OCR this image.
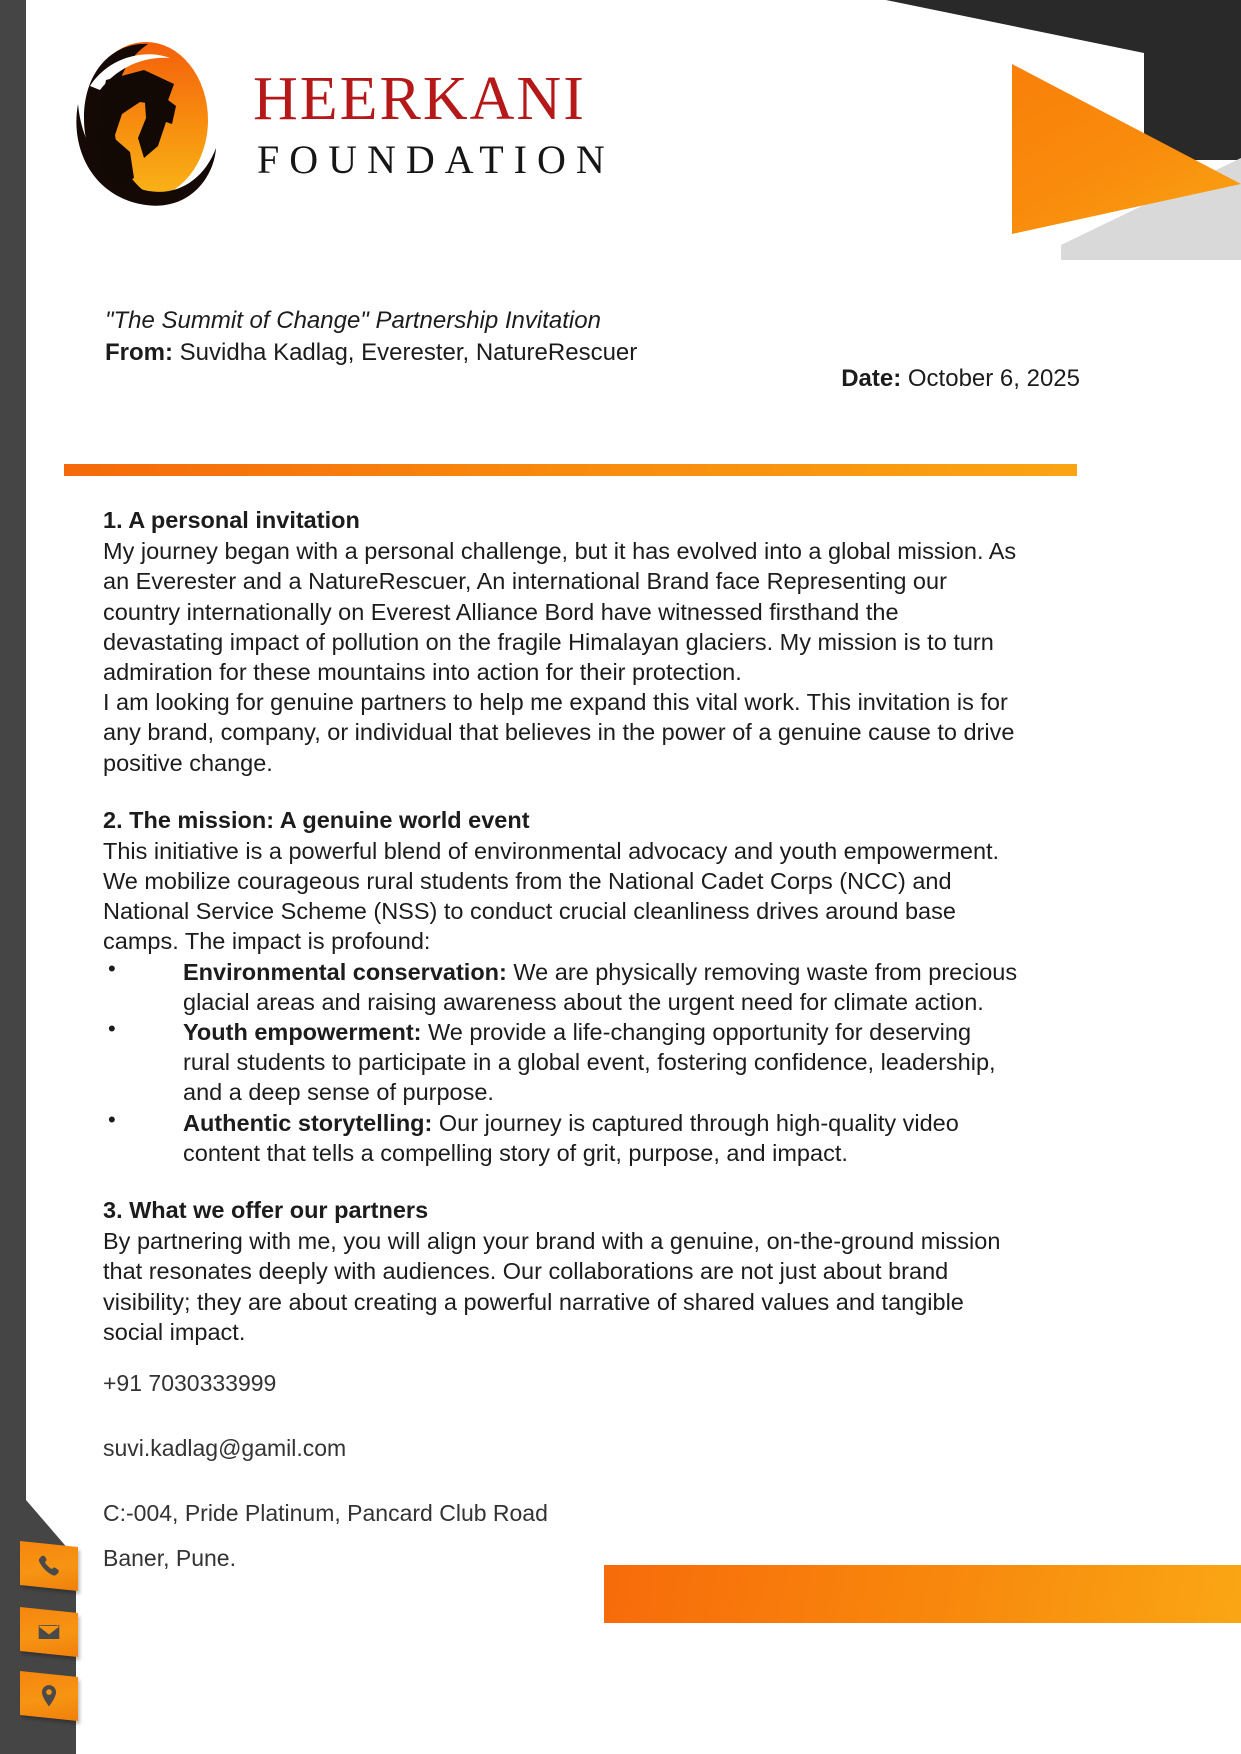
HEERKANI
FOUNDATION
"The Summit of Change" Partnership Invitation
From: Suvidha Kadlag, Everester, NatureRescuer
Date: October 6, 2025

1. A personal invitation

My journey began with a personal challenge, but it has evolved into a global mission. As an Everester and a NatureRescuer, An international Brand face Representing our country internationally on Everest Alliance Bord have witnessed firsthand the devastating impact of pollution on the fragile Himalayan glaciers. My mission is to turn admiration for these mountains into action for their protection.

I am looking for genuine partners to help me expand this vital work. This invitation is for any brand, company, or individual that believes in the power of a genuine cause to drive positive change.

2. The mission: A genuine world event

This initiative is a powerful blend of environmental advocacy and youth empowerment. We mobilize courageous rural students from the National Cadet Corps (NCC) and National Service Scheme (NSS) to conduct crucial cleanliness drives around base camps. The impact is profound:

• Environmental conservation: We are physically removing waste from precious glacial areas and raising awareness about the urgent need for climate action.
• Youth empowerment: We provide a life-changing opportunity for deserving rural students to participate in a global event, fostering confidence, leadership, and a deep sense of purpose.
• Authentic storytelling: Our journey is captured through high-quality video content that tells a compelling story of grit, purpose, and impact.

3. What we offer our partners

By partnering with me, you will align your brand with a genuine, on-the-ground mission that resonates deeply with audiences. Our collaborations are not just about brand visibility; they are about creating a powerful narrative of shared values and tangible social impact.

+91 7030333999

suvi.kadlag@gamil.com

C:-004, Pride Platinum, Pancard Club Road

Baner, Pune.
